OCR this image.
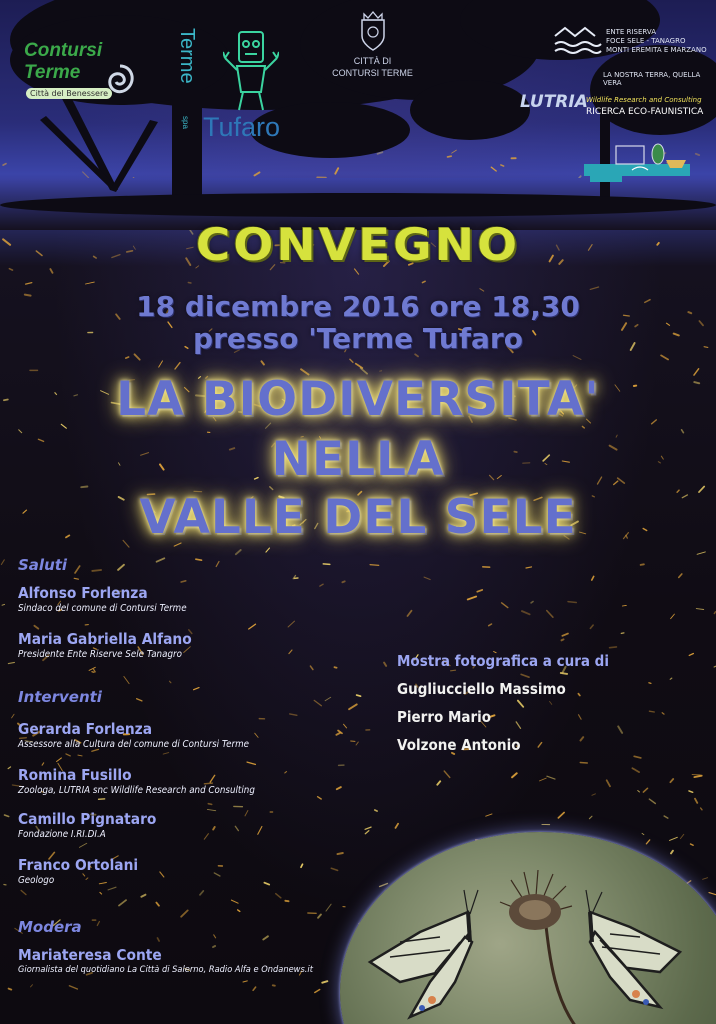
Contursi Terme
Città del Benessere
Terme
spa Tufaro
CITTÀ DI
CONTURSI TERME
ENTE RISERVA
FOCE SELE - TANAGRO
MONTI EREMITA E MARZANO
LA NOSTRA TERRA, QUELLA VERA
LUTRIA
Wildlife Research and Consulting
RICERCA ECO-FAUNISTICA
CONVEGNO
18 dicembre 2016 ore 18,30
presso 'Terme Tufaro
LA BIODIVERSITA'
NELLA
VALLE DEL SELE
Saluti
Alfonso Forlenza
Sindaco del comune di Contursi Terme
Maria Gabriella Alfano
Presidente Ente Riserve Sele Tanagro
Interventi
Gerarda Forlenza
Assessore alla Cultura del comune di Contursi Terme
Romina Fusillo
Zoologa, LUTRIA snc Wildlife Research and Consulting
Camillo Pignataro
Fondazione I.RI.DI.A
Franco Ortolani
Geologo
Modera
Mariateresa Conte
Giornalista del quotidiano La Città di Salerno, Radio Alfa e Ondanews.it
Mostra fotografica a cura di
Gugliucciello Massimo
Pierro Mario
Volzone Antonio
